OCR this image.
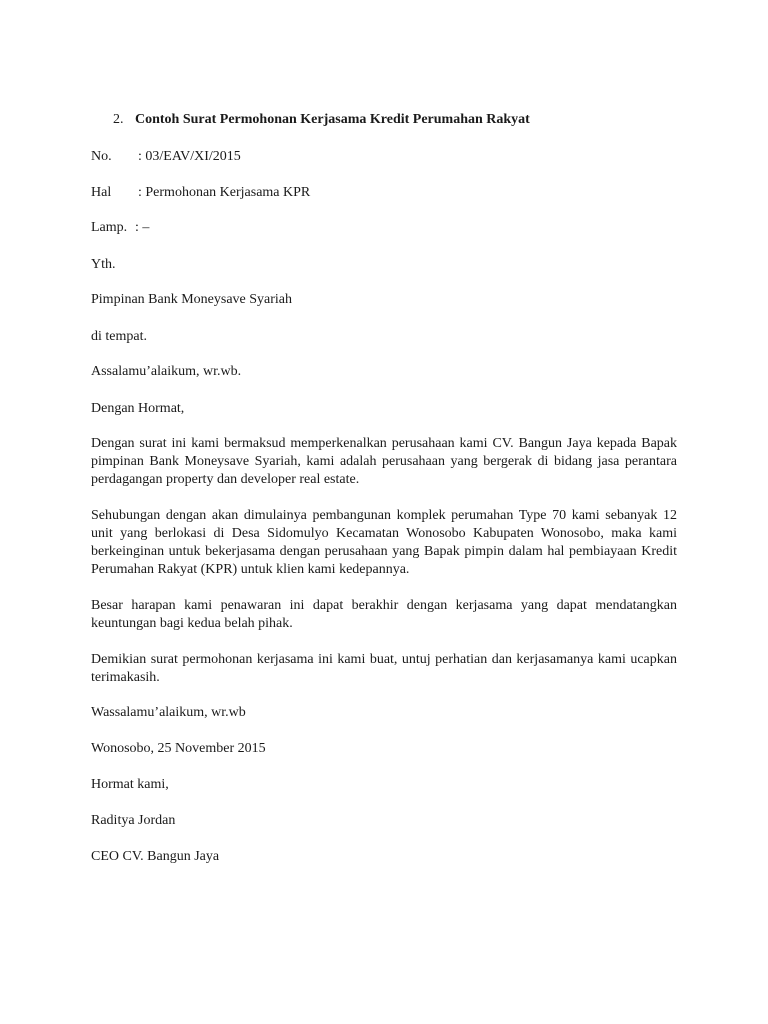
2. Contoh Surat Permohonan Kerjasama Kredit Perumahan Rakyat
No. : 03/EAV/XI/2015
Hal : Permohonan Kerjasama KPR
Lamp. : –
Yth.
Pimpinan Bank Moneysave Syariah
di tempat.
Assalamu’alaikum, wr.wb.
Dengan Hormat,
Dengan surat ini kami bermaksud memperkenalkan perusahaan kami CV. Bangun Jaya kepada Bapak pimpinan Bank Moneysave Syariah, kami adalah perusahaan yang bergerak di bidang jasa perantara perdagangan property dan developer real estate.
Sehubungan dengan akan dimulainya pembangunan komplek perumahan Type 70 kami sebanyak 12 unit yang berlokasi di Desa Sidomulyo Kecamatan Wonosobo Kabupaten Wonosobo, maka kami berkeinginan untuk bekerjasama dengan perusahaan yang Bapak pimpin dalam hal pembiayaan Kredit Perumahan Rakyat (KPR) untuk klien kami kedepannya.
Besar harapan kami penawaran ini dapat berakhir dengan kerjasama yang dapat mendatangkan keuntungan bagi kedua belah pihak.
Demikian surat permohonan kerjasama ini kami buat, untuj perhatian dan kerjasamanya kami ucapkan terimakasih.
Wassalamu’alaikum, wr.wb
Wonosobo, 25 November 2015
Hormat kami,
Raditya Jordan
CEO CV. Bangun Jaya
